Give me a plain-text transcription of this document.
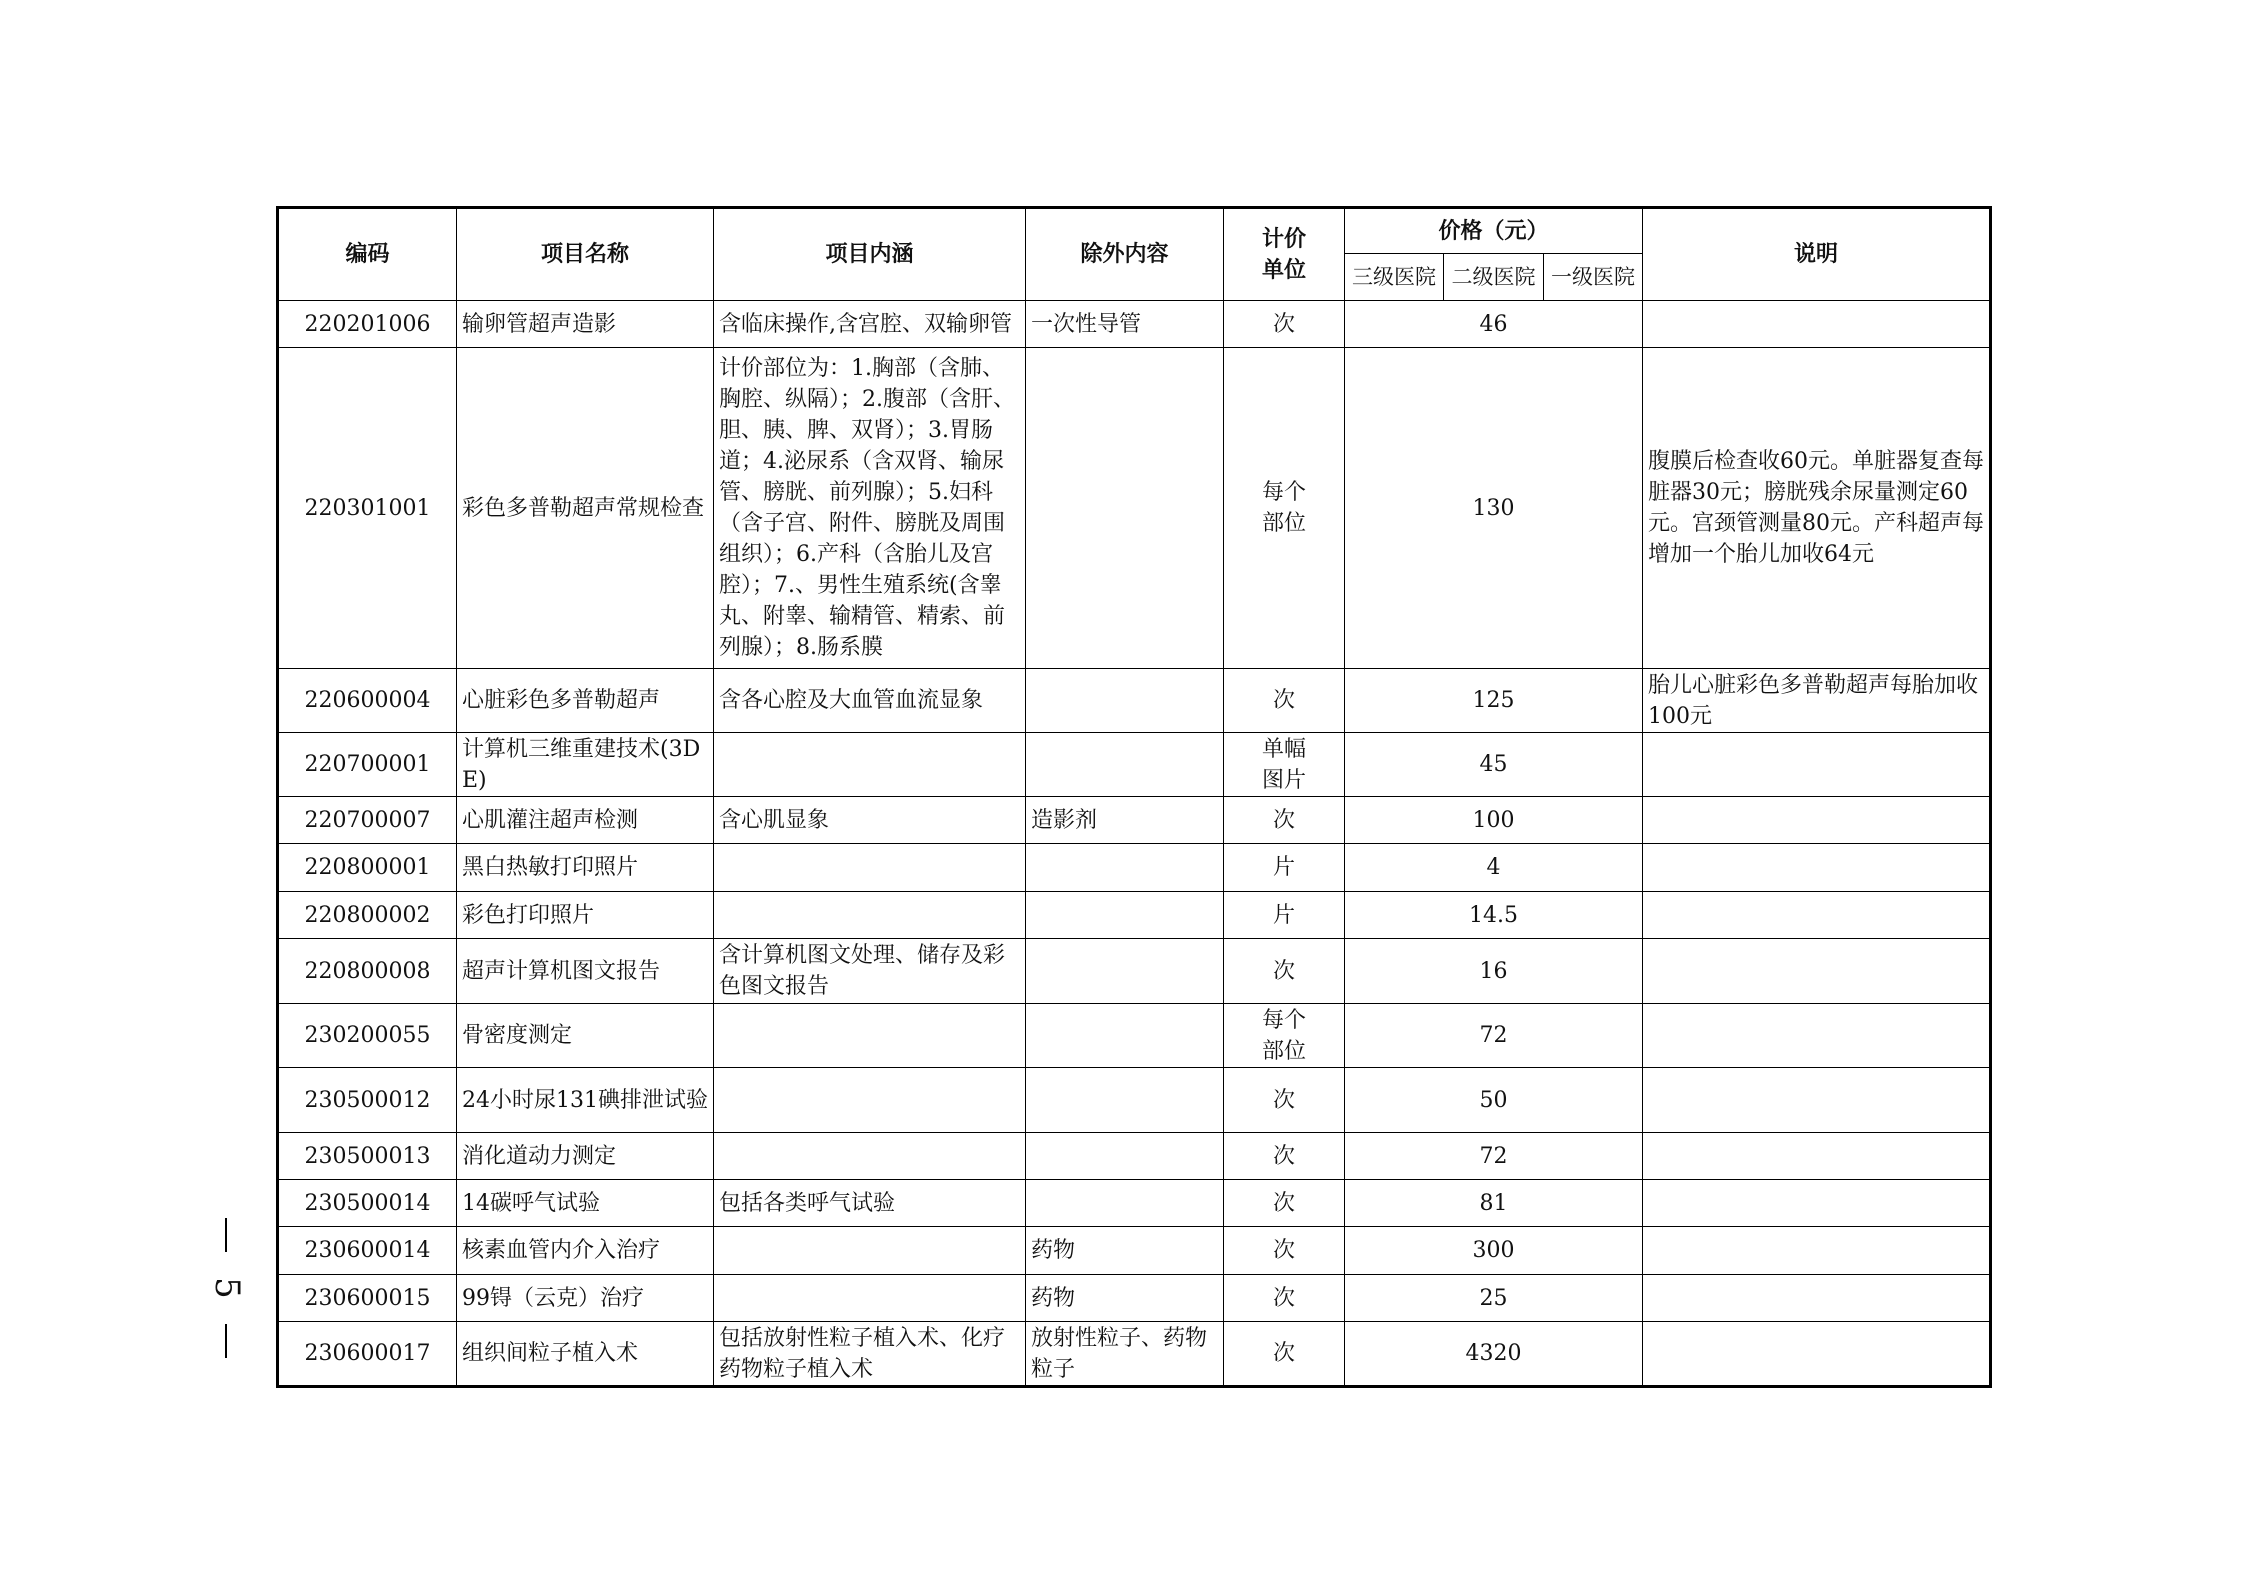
编码	项目名称	项目内涵	除外内容	计价单位	价格（元）			说明
					三级医院	二级医院	一级医院	
220201006	输卵管超声造影	含临床操作,含宫腔、双输卵管	一次性导管	次	46			
220301001	彩色多普勒超声常规检查	计价部位为：1.胸部（含肺、胸腔、纵隔）；2.腹部（含肝、胆、胰、脾、双肾）；3.胃肠道；4.泌尿系（含双肾、输尿管、膀胱、前列腺）；5.妇科（含子宫、附件、膀胱及周围组织）；6.产科（含胎儿及宫腔）；7.、男性生殖系统(含睾丸、附睾、输精管、精索、前列腺）；8.肠系膜		每个部位	130			腹膜后检查收60元。单脏器复查每脏器30元；膀胱残余尿量测定60元。宫颈管测量80元。产科超声每增加一个胎儿加收64元
220600004	心脏彩色多普勒超声	含各心腔及大血管血流显象		次	125			胎儿心脏彩色多普勒超声每胎加收100元
220700001	计算机三维重建技术(3DE)			单幅图片	45			
220700007	心肌灌注超声检测	含心肌显象	造影剂	次	100			
220800001	黑白热敏打印照片			片	4			
220800002	彩色打印照片			片	14.5			
220800008	超声计算机图文报告	含计算机图文处理、储存及彩色图文报告		次	16			
230200055	骨密度测定			每个部位	72			
230500012	24小时尿131碘排泄试验			次	50			
230500013	消化道动力测定			次	72			
230500014	14碳呼气试验	包括各类呼气试验		次	81			
230600014	核素血管内介入治疗		药物	次	300			
230600015	99锝（云克）治疗		药物	次	25			
230600017	组织间粒子植入术	包括放射性粒子植入术、化疗药物粒子植入术	放射性粒子、药物粒子	次	4320			
5
